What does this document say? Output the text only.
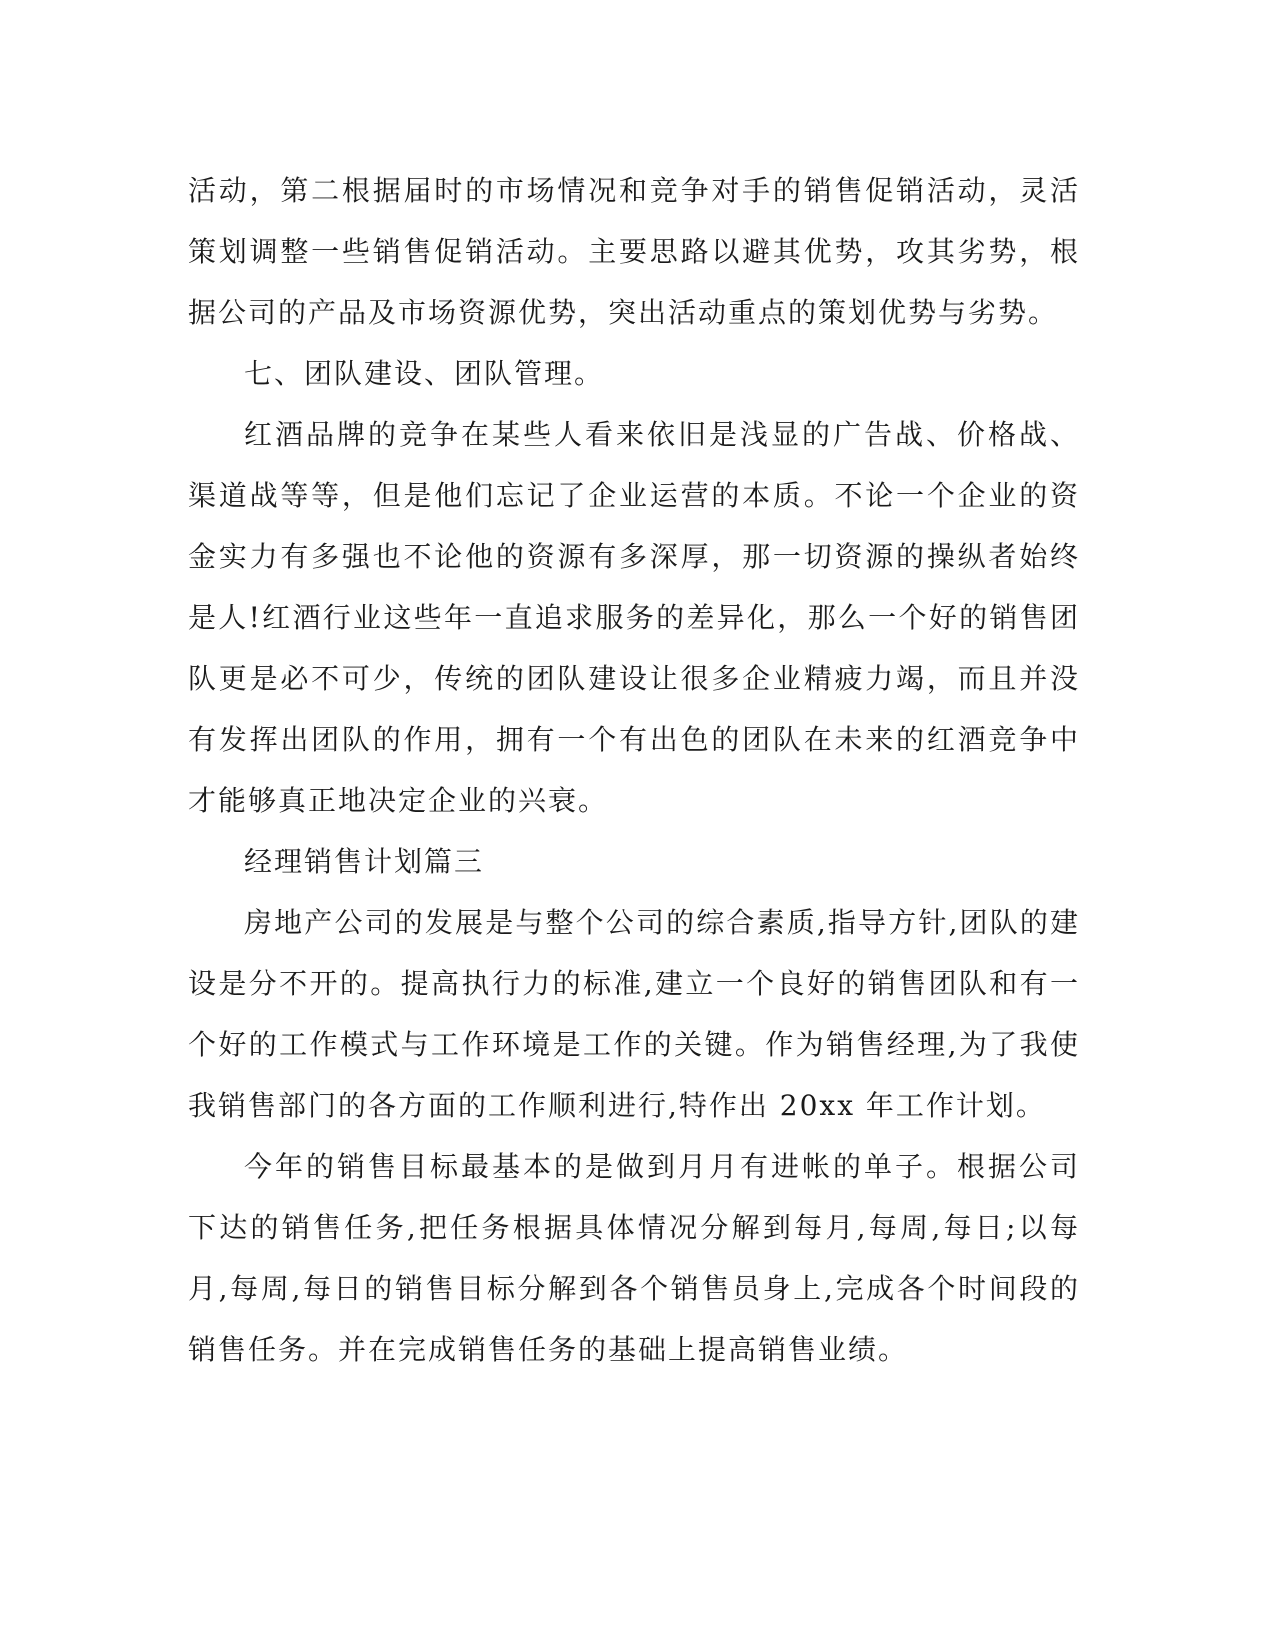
活动，第二根据届时的市场情况和竞争对手的销售促销活动，灵活策划调整一些销售促销活动。主要思路以避其优势，攻其劣势，根据公司的产品及市场资源优势，突出活动重点的策划优势与劣势。

七、团队建设、团队管理。

红酒品牌的竞争在某些人看来依旧是浅显的广告战、价格战、渠道战等等，但是他们忘记了企业运营的本质。不论一个企业的资金实力有多强也不论他的资源有多深厚，那一切资源的操纵者始终是人!红酒行业这些年一直追求服务的差异化，那么一个好的销售团队更是必不可少，传统的团队建设让很多企业精疲力竭，而且并没有发挥出团队的作用，拥有一个有出色的团队在未来的红酒竞争中才能够真正地决定企业的兴衰。

经理销售计划篇三

房地产公司的发展是与整个公司的综合素质,指导方针,团队的建设是分不开的。提高执行力的标准,建立一个良好的销售团队和有一个好的工作模式与工作环境是工作的关键。作为销售经理,为了我使我销售部门的各方面的工作顺利进行,特作出 20xx 年工作计划。

今年的销售目标最基本的是做到月月有进帐的单子。根据公司下达的销售任务,把任务根据具体情况分解到每月,每周,每日;以每月,每周,每日的销售目标分解到各个销售员身上,完成各个时间段的销售任务。并在完成销售任务的基础上提高销售业绩。
